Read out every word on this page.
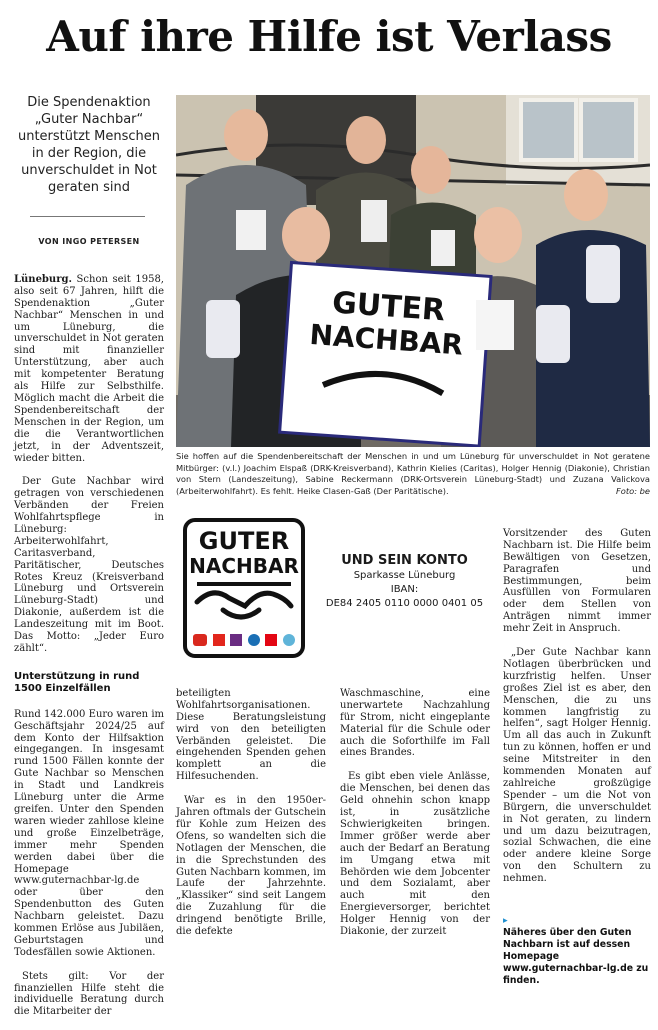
Auf ihre Hilfe ist Verlass
Die Spendenaktion „Guter Nachbar“ unterstützt Menschen in der Region, die unverschuldet in Not geraten sind
VON INGO PETERSEN

Lüneburg. Schon seit 1958, also seit 67 Jahren, hilft die Spendenaktion „Guter Nachbar“ Menschen in und um Lüneburg, die unverschuldet in Not geraten sind mit finanzieller Unterstützung, aber auch mit kompetenter Beratung als Hilfe zur Selbsthilfe. Möglich macht die Arbeit die Spendenbereitschaft der Menschen in der Region, um die die Verantwortlichen jetzt, in der Adventszeit, wieder bitten.

Der Gute Nachbar wird getragen von verschiedenen Verbänden der Freien Wohlfahrtspflege in Lüneburg: Arbeiterwohlfahrt, Caritasverband, Paritätischer, Deutsches Rotes Kreuz (Kreisverband Lüneburg und Ortsverein Lüneburg-Stadt) und Diakonie, außerdem ist die Landeszeitung mit im Boot. Das Motto: „Jeder Euro zählt“.

Unterstützung in rund 1500 Einzelfällen

Rund 142.000 Euro waren im Geschäftsjahr 2024/25 auf dem Konto der Hilfsaktion eingegangen. In insgesamt rund 1500 Fällen konnte der Gute Nachbar so Menschen in Stadt und Landkreis Lüneburg unter die Arme greifen. Unter den Spenden waren wieder zahllose kleine und große Einzelbeträge, immer mehr Spenden werden dabei über die Homepage www.guternachbar-lg.de oder über den Spendenbutton des Guten Nachbarn geleistet. Dazu kommen Erlöse aus Jubiläen, Geburtstagen und Todesfällen sowie Aktionen.

Stets gilt: Vor der finanziellen Hilfe steht die individuelle Beratung durch die Mitarbeiter der

GUTER
NACHBAR
Sie hoffen auf die Spendenbereitschaft der Menschen in und um Lüneburg für unverschuldet in Not geratene Mitbürger: (v.l.) Joachim Elspaß (DRK-Kreisverband), Kathrin Kielies (Caritas), Holger Hennig (Diakonie), Christian von Stern (Landeszeitung), Sabine Reckermann (DRK-Ortsverein Lüneburg-Stadt) und Zuzana Valickova (Arbeiterwohlfahrt). Es fehlt. Heike Clasen-Gaß (Der Paritätische).	Foto: be
GUTER
NACHBAR	UND SEIN KONTO
Sparkasse Lüneburg
IBAN:
DE84 2405 0110 0000 0401 05

beteiligten Wohlfahrtsorganisationen. Diese Beratungsleistung wird von den beteiligten Verbänden geleistet. Die eingehenden Spenden gehen komplett an die Hilfesuchenden.

War es in den 1950er-Jahren oftmals der Gutschein für Kohle zum Heizen des Ofens, so wandelten sich die Notlagen der Menschen, die in die Sprechstunden des Guten Nachbarn kommen, im Laufe der Jahrzehnte. „Klassiker“ sind seit Langem die Zuzahlung für die dringend benötigte Brille, die defekte

Waschmaschine, eine unerwartete Nachzahlung für Strom, nicht eingeplante Material für die Schule oder auch die Soforthilfe im Fall eines Brandes.

Es gibt eben viele Anlässe, die Menschen, bei denen das Geld ohnehin schon knapp ist, in zusätzliche Schwierigkeiten bringen. Immer größer werde aber auch der Bedarf an Beratung im Umgang etwa mit Behörden wie dem Jobcenter und dem Sozialamt, aber auch mit den Energieversorger, berichtet Holger Hennig von der Diakonie, der zurzeit

Vorsitzender des Guten Nachbarn ist. Die Hilfe beim Bewältigen von Gesetzen, Paragrafen und Bestimmungen, beim Ausfüllen von Formularen oder dem Stellen von Anträgen nimmt immer mehr Zeit in Anspruch.

„Der Gute Nachbar kann Notlagen überbrücken und kurzfristig helfen. Unser großes Ziel ist es aber, den Menschen, die zu uns kommen langfristig zu helfen“, sagt Holger Hennig. Um all das auch in Zukunft tun zu können, hoffen er und seine Mitstreiter in den kommenden Monaten auf zahlreiche großzügige Spender – um die Not von Bürgern, die unverschuldet in Not geraten, zu lindern und um dazu beizutragen, sozial Schwachen, die eine oder andere kleine Sorge von den Schultern zu nehmen.

▸
Näheres über den Guten Nachbarn ist auf dessen Homepage www.guternachbar-lg.de zu finden.
